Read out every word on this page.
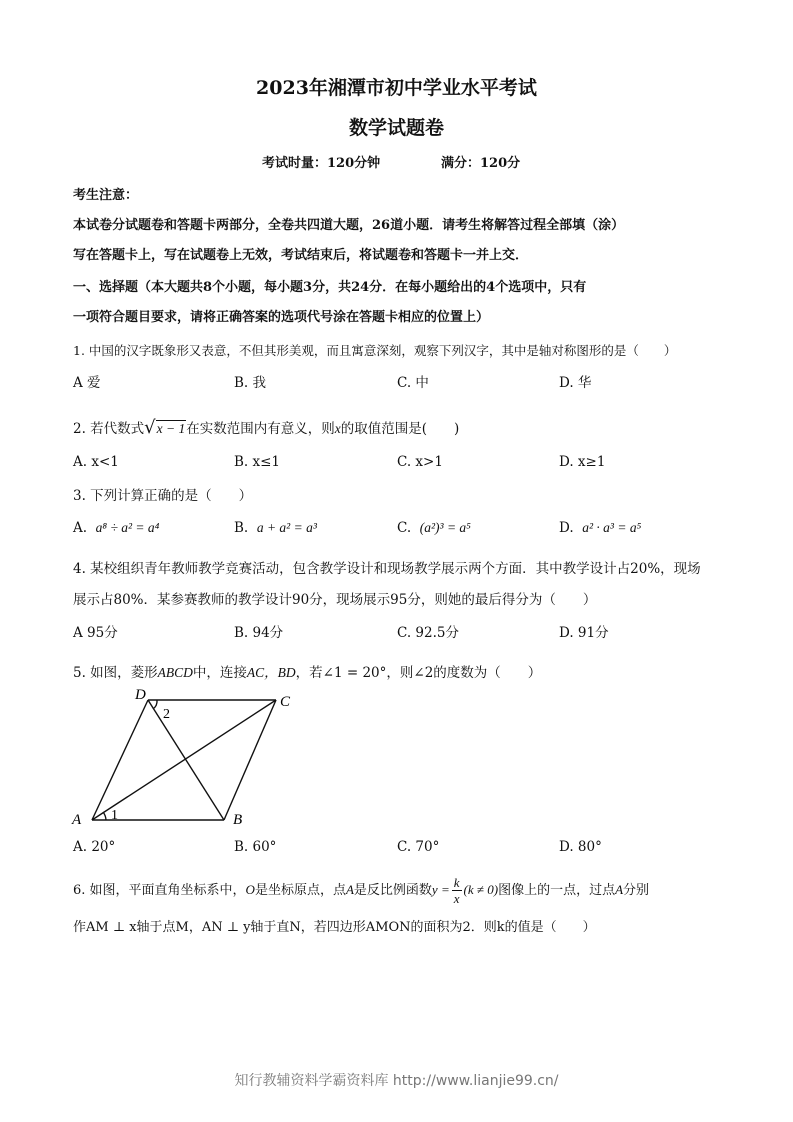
2023年湘潭市初中学业水平考试
数学试题卷
考试时量：120分钟	满分：120分
考生注意：
本试卷分试题卷和答题卡两部分，全卷共四道大题，26道小题．请考生将解答过程全部填（涂）
写在答题卡上，写在试题卷上无效，考试结束后，将试题卷和答题卡一并上交．
一、选择题（本大题共8个小题，每小题3分，共24分．在每小题给出的4个选项中，只有
一项符合题目要求，请将正确答案的选项代号涂在答题卡相应的位置上）
1. 中国的汉字既象形又表意，不但其形美观，而且寓意深刻，观察下列汉字，其中是轴对称图形的是（　　）
A 爱	B. 我	C. 中	D. 华
2. 若代数式√x − 1在实数范围内有意义，则x的取值范围是(　　)
A. x<1	B. x≤1	C. x>1	D. x≥1
3. 下列计算正确的是（　　）
A. a⁸ ÷ a² = a⁴	B. a + a² = a³	C. (a²)³ = a⁵	D. a² · a³ = a⁵
4. 某校组织青年教师教学竞赛活动，包含教学设计和现场教学展示两个方面．其中教学设计占20%，现场
展示占80%．某参赛教师的教学设计90分，现场展示95分，则她的最后得分为（　　）
A 95分	B. 94分	C. 92.5分	D. 91分
5. 如图，菱形ABCD中，连接AC，BD，若∠1 = 20°，则∠2的度数为（　　）
A	B
C
D
1
2
A. 20°	B. 60°	C. 70°	D. 80°
6. 如图，平面直角坐标系中，O是坐标原点，点A是反比例函数$y = \frac{k}{x} (k \ne 0)$图像上的一点，过点A分别
作AM ⊥ x轴于点M，AN ⊥ y轴于直N，若四边形AMON的面积为2．则k的值是（　　）
知行教辅资料学霸资料库 http://www.lianjie99.cn/
